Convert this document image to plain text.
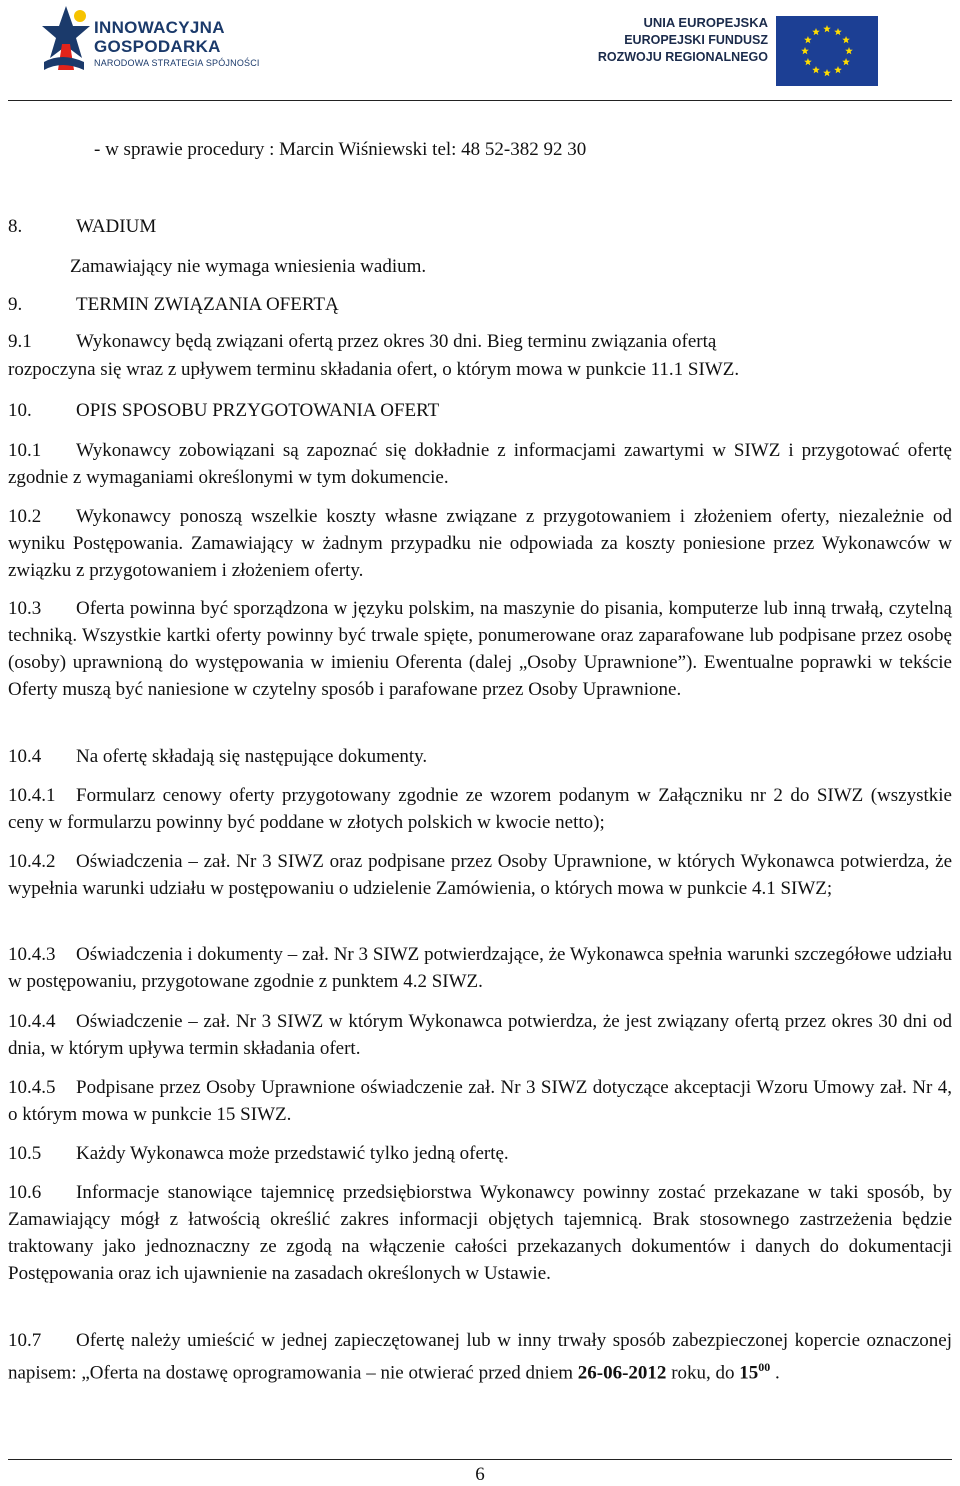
INNOWACYJNA
GOSPODARKA
NARODOWA STRATEGIA SPÓJNOŚCI
UNIA EUROPEJSKA
EUROPEJSKI FUNDUSZ
ROZWOJU REGIONALNEGO
- w sprawie procedury : Marcin Wiśniewski tel: 48 52-382 92 30
8.	WADIUM
Zamawiający nie wymaga wniesienia wadium.
9.	TERMIN ZWIĄZANIA OFERTĄ
9.1 Wykonawcy będą związani ofertą przez okres 30 dni. Bieg terminu związania ofertą
rozpoczyna się wraz z upływem terminu składania ofert, o którym mowa w punkcie 11.1 SIWZ.
10. OPIS SPOSOBU PRZYGOTOWANIA OFERT
10.1 Wykonawcy zobowiązani są zapoznać się dokładnie z informacjami zawartymi w SIWZ i przygotować ofertę zgodnie z wymaganiami określonymi w tym dokumencie.
10.2 Wykonawcy ponoszą wszelkie koszty własne związane z przygotowaniem i złożeniem oferty, niezależnie od wyniku Postępowania. Zamawiający w żadnym przypadku nie odpowiada za koszty poniesione przez Wykonawców w związku z przygotowaniem i złożeniem oferty.
10.3 Oferta powinna być sporządzona w języku polskim, na maszynie do pisania, komputerze lub inną trwałą, czytelną techniką. Wszystkie kartki oferty powinny być trwale spięte, ponumerowane oraz zaparafowane lub podpisane przez osobę (osoby) uprawnioną do występowania w imieniu Oferenta (dalej „Osoby Uprawnione”). Ewentualne poprawki w tekście Oferty muszą być naniesione w czytelny sposób i parafowane przez Osoby Uprawnione.
10.4 Na ofertę składają się następujące dokumenty.
10.4.1 Formularz cenowy oferty przygotowany zgodnie ze wzorem podanym w Załączniku nr 2 do SIWZ (wszystkie ceny w formularzu powinny być poddane w złotych polskich w kwocie netto);
10.4.2 Oświadczenia – zał. Nr 3 SIWZ oraz podpisane przez Osoby Uprawnione, w których Wykonawca potwierdza, że wypełnia warunki udziału w postępowaniu o udzielenie Zamówienia, o których mowa w punkcie 4.1 SIWZ;
10.4.3 Oświadczenia i dokumenty – zał. Nr 3 SIWZ potwierdzające, że Wykonawca spełnia warunki szczegółowe udziału w postępowaniu, przygotowane zgodnie z punktem 4.2 SIWZ.
10.4.4 Oświadczenie – zał. Nr 3 SIWZ w którym Wykonawca potwierdza, że jest związany ofertą przez okres 30 dni od dnia, w którym upływa termin składania ofert.
10.4.5 Podpisane przez Osoby Uprawnione oświadczenie zał. Nr 3 SIWZ dotyczące akceptacji Wzoru Umowy zał. Nr 4, o którym mowa w punkcie 15 SIWZ.
10.5 Każdy Wykonawca może przedstawić tylko jedną ofertę.
10.6 Informacje stanowiące tajemnicę przedsiębiorstwa Wykonawcy powinny zostać przekazane w taki sposób, by Zamawiający mógł z łatwością określić zakres informacji objętych tajemnicą. Brak stosownego zastrzeżenia będzie traktowany jako jednoznaczny ze zgodą na włączenie całości przekazanych dokumentów i danych do dokumentacji Postępowania oraz ich ujawnienie na zasadach określonych w Ustawie.
10.7 Ofertę należy umieścić w jednej zapieczętowanej lub w inny trwały sposób zabezpieczonej kopercie oznaczonej napisem: „Oferta na dostawę oprogramowania – nie otwierać przed dniem 26-06-2012 roku, do $15^{00}$ .
6
